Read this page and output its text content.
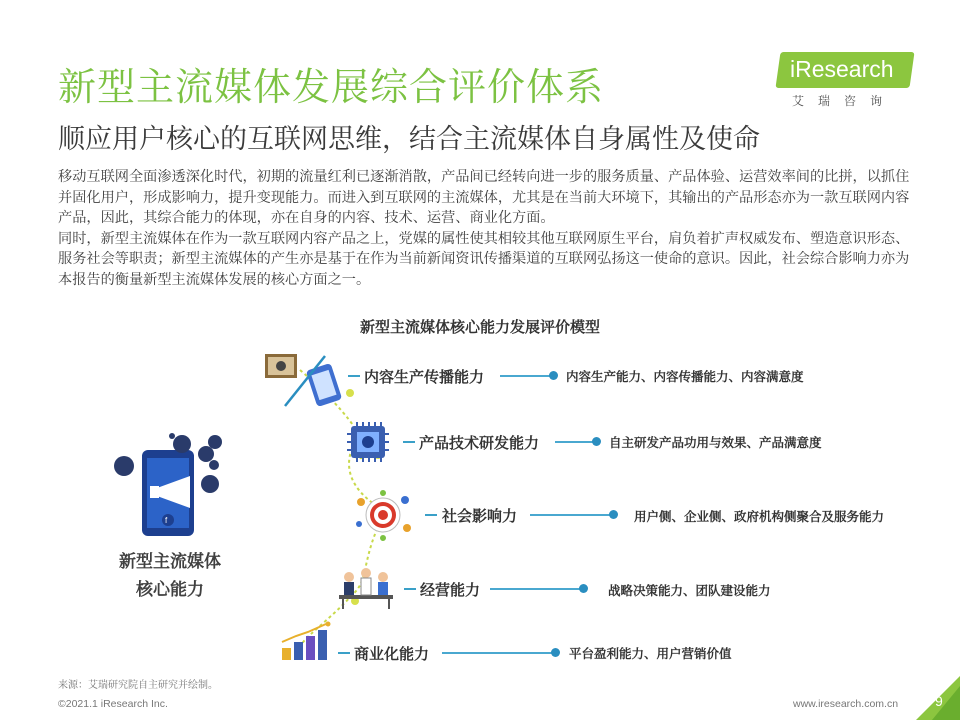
新型主流媒体发展综合评价体系
顺应用户核心的互联网思维，结合主流媒体自身属性及使命
iResearch
艾瑞咨询

移动互联网全面渗透深化时代，初期的流量红利已逐渐消散，产品间已经转向进一步的服务质量、产品体验、运营效率间的比拼，以抓住并固化用户，形成影响力，提升变现能力。而进入到互联网的主流媒体，尤其是在当前大环境下，其输出的产品形态亦为一款互联网内容产品，因此，其综合能力的体现，亦在自身的内容、技术、运营、商业化方面。

同时，新型主流媒体在作为一款互联网内容产品之上，党媒的属性使其相较其他互联网原生平台，肩负着扩声权威发布、塑造意识形态、服务社会等职责；新型主流媒体的产生亦是基于在作为当前新闻资讯传播渠道的互联网弘扬这一使命的意识。因此，社会综合影响力亦为本报告的衡量新型主流媒体发展的核心方面之一。

新型主流媒体核心能力发展评价模型
f
新型主流媒体
核心能力
内容生产传播能力	内容生产能力、内容传播能力、内容满意度
产品技术研发能力	自主研发产品功用与效果、产品满意度
社会影响力	用户侧、企业侧、政府机构侧聚合及服务能力
经营能力	战略决策能力、团队建设能力
商业化能力	平台盈利能力、用户营销价值
来源：艾瑞研究院自主研究并绘制。
©2021.1 iResearch Inc.	www.iresearch.com.cn	9
